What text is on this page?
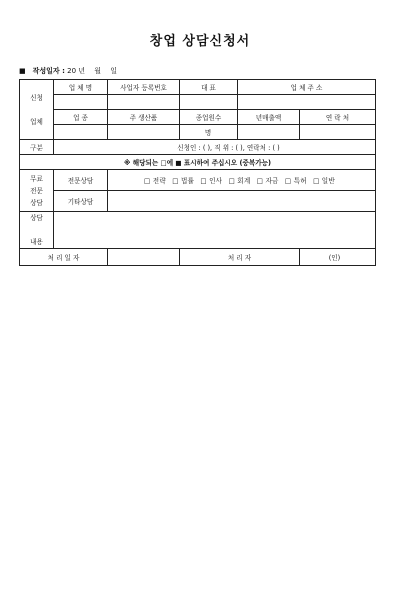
창업 상담신청서
■ 작성일자 : 20 년 월 일
신청

업체	업 체 명	사업자 등록번호	대 표	업 체 주 소	

	업 종	주 생산품	종업원수	년매출액	연 락 처
			명		
구분	신청인 : ( ), 직 위 : ( ), 연락처 : ( )				
※ 해당되는 □에 ■ 표시하여 주십시오 (중복가능)					

무료
전문
상담	전문상담	□ 전략 □ 법률 □ 인사 □ 회계 □ 자금 □ 특허 □ 일반			
	기타상담				

상담

내용					

처 리 일 자			처 리 자		(인)
